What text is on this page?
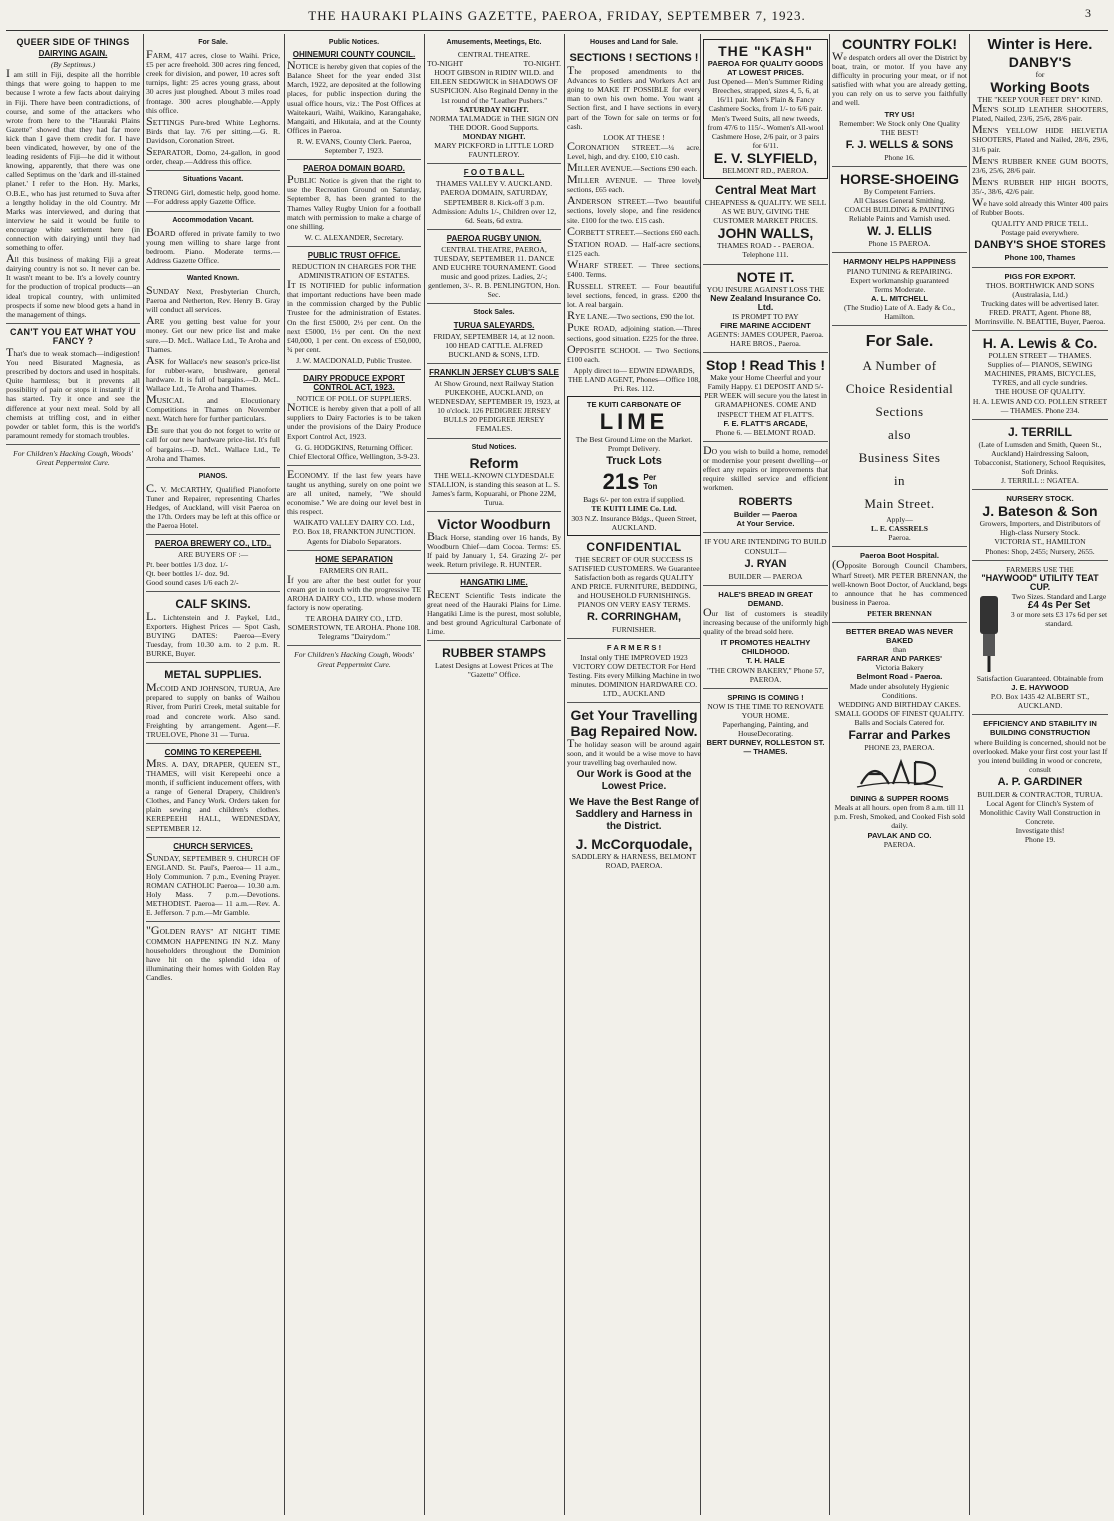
THE HAURAKI PLAINS GAZETTE, PAEROA, FRIDAY, SEPTEMBER 7, 1923.	3
QUEER SIDE OF THINGS
DAIRYING AGAIN.
(By Septimus.)
I am still in Fiji, despite all the horrible things that were going to happen to me because I wrote a few facts about dairying in Fiji. There have been contradictions, of course, and some of the attackers who wrote from here to the "Hauraki Plains Gazette" showed that they had far more kick than I gave them credit for. I have been vindicated, however, by one of the leading residents of Fiji—he did it without knowing, apparently, that there was one called Septimus on the 'dark and ill-stained planet.' I refer to the Hon. Hy. Marks, O.B.E., who has just returned to Suva after a lengthy holiday in the old Country. Mr Marks was interviewed, and during that interview he said it would be futile to encourage white settlement here (in connection with dairying) until they had something to offer.
All this business of making Fiji a great dairying country is not so. It never can be. It wasn't meant to be. It's a lovely country for the production of tropical products—an ideal tropical country, with unlimited prospects if some new blood gets a hand in the management of things.
CAN'T YOU EAT WHAT YOU FANCY ?
That's due to weak stomach—indigestion! You need Bisurated Magnesia, as prescribed by doctors and used in hospitals. Quite harmless; but it prevents all possibility of pain or stops it instantly if it has started. Try it once and see the difference at your next meal. Sold by all chemists at trifling cost, and in either powder or tablet form, this is the world's paramount remedy for stomach troubles.
For Children's Hacking Cough, Woods' Great Peppermint Cure.
For Sale.
FARM, 417 acres, close to Waihi. Price, £5 per acre freehold. 300 acres ring fenced, creek for division, and power, 10 acres soft turnips, light: 25 acres young grass, about 30 acres just ploughed. About 3 miles road frontage. 300 acres ploughable.—Apply this office.
SETTINGS Pure-bred White Leghorns. Birds that lay. 7/6 per sitting.—G. R. Davidson, Coronation Street.
SEPARATOR, Domo, 24-gallon, in good order, cheap.—Address this office.
Situations Vacant.
STRONG Girl, domestic help, good home.—For address apply Gazette Office.
Accommodation Vacant.
BOARD offered in private family to two young men willing to share large front bedroom. Piano. Moderate terms.—Address Gazette Office.
Wanted Known.
SUNDAY Next, Presbyterian Church, Paeroa and Netherton, Rev. Henry B. Gray will conduct all services.
ARE you getting best value for your money. Get our new price list and make sure.—D. McL. Wallace Ltd., Te Aroha and Thames.
ASK for Wallace's new season's price-list for rubber-ware, brushware, general hardware. It is full of bargains.—D. McL. Wallace Ltd., Te Aroha and Thames.
MUSICAL and Elocutionary Competitions in Thames on November next. Watch here for further particulars.
BE sure that you do not forget to write or call for our new hardware price-list. It's full of bargains.—D. McL. Wallace Ltd., Te Aroha and Thames.
PIANOS.
C. V. McCARTHY, Qualified Pianoforte Tuner and Repairer, representing Charles Hedges, of Auckland, will visit Paeroa on the 17th. Orders may be left at this office or the Paeroa Hotel.
PAEROA BREWERY CO., LTD.,
ARE BUYERS OF :—
Pt. beer bottles 1/3 doz. 1/-
Qt. beer bottles 1/- doz. 9d.
Good sound cases 1/6 each 2/-
CALF SKINS.
L. Lichtenstein and J. Paykel, Ltd., Exporters. Highest Prices — Spot Cash, BUYING DATES: Paeroa—Every Tuesday, from 10.30 a.m. to 2 p.m. R. BURKE, Buyer.
METAL SUPPLIES.
McCOID AND JOHNSON, TURUA, Are prepared to supply on banks of Waihou River, from Puriri Creek, metal suitable for road and concrete work. Also sand. Freighting by arrangement. Agent—F. TRUELOVE, Phone 31 — Turua.
COMING TO KEREPEEHI.
MRS. A. DAY, DRAPER, QUEEN ST., THAMES, will visit Kerepeehi once a month, if sufficient inducement offers, with a range of General Drapery, Children's Clothes, and Fancy Work. Orders taken for plain sewing and children's clothes. KEREPEEHI HALL, WEDNESDAY, SEPTEMBER 12.
CHURCH SERVICES.
SUNDAY, SEPTEMBER 9. CHURCH OF ENGLAND. St. Paul's, Paeroa— 11 a.m., Holy Communion. 7 p.m., Evening Prayer. ROMAN CATHOLIC Paeroa— 10.30 a.m. Holy Mass. 7 p.m.—Devotions. METHODIST. Paeroa— 11 a.m.—Rev. A. E. Jefferson. 7 p.m.—Mr Gamble.
"GOLDEN RAYS" AT NIGHT TIME COMMON HAPPENING IN N.Z. Many householders throughout the Dominion have hit on the splendid idea of illuminating their homes with Golden Ray Candles.
Public Notices.
OHINEMURI COUNTY COUNCIL.
NOTICE is hereby given that copies of the Balance Sheet for the year ended 31st March, 1922, are deposited at the following places, for public inspection during the usual office hours, viz.: The Post Offices at Waitekauri, Waihi, Waikino, Karangahake, Mangaiti, and Hikutaia, and at the County Offices in Paeroa.
R. W. EVANS, County Clerk. Paeroa, September 7, 1923.
PAEROA DOMAIN BOARD.
PUBLIC Notice is given that the right to use the Recreation Ground on Saturday, September 8, has been granted to the Thames Valley Rugby Union for a football match with permission to make a charge of one shilling.
W. C. ALEXANDER, Secretary.
PUBLIC TRUST OFFICE.
REDUCTION IN CHARGES FOR THE ADMINISTRATION OF ESTATES.
IT IS NOTIFIED for public information that important reductions have been made in the commission charged by the Public Trustee for the administration of Estates. On the first £5000, 2½ per cent. On the next £5000, 1½ per cent. On the next £40,000, 1 per cent. On excess of £50,000, ¾ per cent.
J. W. MACDONALD, Public Trustee.
DAIRY PRODUCE EXPORT CONTROL ACT, 1923.
NOTICE OF POLL OF SUPPLIERS.
NOTICE is hereby given that a poll of all suppliers to Dairy Factories is to be taken under the provisions of the Dairy Produce Export Control Act, 1923.
G. G. HODGKINS, Returning Officer. Chief Electoral Office, Wellington, 3-9-23.
ECONOMY. If the last few years have taught us anything, surely on one point we are all united, namely, "We should economise." We are doing our level best in this respect.
WAIKATO VALLEY DAIRY CO. Ltd., P.O. Box 18, FRANKTON JUNCTION. Agents for Diabolo Separators.
HOME SEPARATION
FARMERS ON RAIL.
If you are after the best outlet for your cream get in touch with the progressive TE AROHA DAIRY CO., LTD. whose modern factory is now operating.
TE AROHA DAIRY CO., LTD. SOMERSTOWN, TE AROHA. Phone 108. Telegrams "Dairydom."
For Children's Hacking Cough, Woods' Great Peppermint Cure.
Amusements, Meetings, Etc.
CENTRAL THEATRE.
TO-NIGHT	TO-NIGHT.
HOOT GIBSON in RIDIN' WILD. and EILEEN SEDGWICK in SHADOWS OF SUSPICION. Also Reginald Denny in the 1st round of the "Leather Pushers."
SATURDAY NIGHT.
NORMA TALMADGE in THE SIGN ON THE DOOR. Good Supports.
MONDAY NIGHT.
MARY PICKFORD in LITTLE LORD FAUNTLEROY.
F O O T B A L L.
THAMES VALLEY V. AUCKLAND. PAEROA DOMAIN, SATURDAY, SEPTEMBER 8. Kick-off 3 p.m. Admission: Adults 1/-, Children over 12, 6d. Seats, 6d extra.
PAEROA RUGBY UNION.
CENTRAL THEATRE, PAEROA, TUESDAY, SEPTEMBER 11. DANCE AND EUCHRE TOURNAMENT. Good music and good prizes. Ladies, 2/-; gentlemen, 3/-. R. B. PENLINGTON, Hon. Sec.
Stock Sales.
TURUA SALEYARDS.
FRIDAY, SEPTEMBER 14, at 12 noon. 100 HEAD CATTLE. ALFRED BUCKLAND & SONS, LTD.
FRANKLIN JERSEY CLUB'S SALE
At Show Ground, next Railway Station PUKEKOHE, AUCKLAND, on WEDNESDAY, SEPTEMBER 19, 1923, at 10 o'clock. 126 PEDIGREE JERSEY BULLS 20 PEDIGREE JERSEY FEMALES.
Stud Notices.
Reform
THE WELL-KNOWN CLYDESDALE STALLION, is standing this season at L. S. James's farm, Kopuarahi, or Phone 22M, Turua.
Victor Woodburn
Black Horse, standing over 16 hands, By Woodburn Chief—dam Cocoa. Terms: £5. If paid by January 1, £4. Grazing 2/- per week. Return privilege. R. HUNTER.
HANGATIKI LIME.
RECENT Scientific Tests indicate the great need of the Hauraki Plains for Lime. Hangatiki Lime is the purest, most soluble, and best ground Agricultural Carbonate of Lime.
RUBBER STAMPS
Latest Designs at Lowest Prices at The "Gazette" Office.
Houses and Land for Sale.
SECTIONS ! SECTIONS !
The proposed amendments to the Advances to Settlers and Workers Act are going to MAKE IT POSSIBLE for every man to own his own home. You want a Section first, and I have sections in every part of the Town for sale on terms or for cash.
LOOK AT THESE !
CORONATION STREET.—¼ acre. Level, high, and dry. £100, £10 cash.
MILLER AVENUE.—Sections £90 each.
MILLER AVENUE. — Three lovely sections, £65 each.
ANDERSON STREET.—Two beautiful sections, lovely slope, and fine residence site. £100 for the two. £15 cash.
CORBETT STREET.—Sections £60 each.
STATION ROAD. — Half-acre sections, £125 each.
WHARF STREET. — Three sections, £400. Terms.
RUSSELL STREET. — Four beautiful level sections, fenced, in grass. £200 the lot. A real bargain.
RYE LANE.—Two sections, £90 the lot.
PUKE ROAD, adjoining station.—Three sections, good situation. £225 for the three.
OPPOSITE SCHOOL — Two Sections, £100 each.
Apply direct to— EDWIN EDWARDS, THE LAND AGENT, Phones—Office 108, Pri. Res. 112.
TE KUITI CARBONATE OF
LIME
The Best Ground Lime on the Market. Prompt Delivery.
Truck Lots
21s Per Ton
Bags 6/- per ton extra if supplied.
TE KUITI LIME Co. Ltd.
303 N.Z. Insurance Bldgs., Queen Street, AUCKLAND.
CONFIDENTIAL
THE SECRET OF OUR SUCCESS IS SATISFIED CUSTOMERS. We Guarantee Satisfaction both as regards QUALITY AND PRICE. FURNITURE, BEDDING, and HOUSEHOLD FURNISHINGS. PIANOS ON VERY EASY TERMS.
R. CORRINGHAM,
FURNISHER.
F A R M E R S !
Instal only THE IMPROVED 1923 VICTORY COW DETECTOR For Herd Testing. Fits every Milking Machine in two minutes. DOMINION HARDWARE CO. LTD., AUCKLAND
Get Your Travelling Bag Repaired Now.
The holiday season will be around again soon, and it would be a wise move to have your travelling bag overhauled now.
Our Work is Good at the Lowest Price.
We Have the Best Range of Saddlery and Harness in the District.
J. McCorquodale,
SADDLERY & HARNESS, BELMONT ROAD, PAEROA.
THE "KASH"
PAEROA FOR QUALITY GOODS AT LOWEST PRICES.
Just Opened— Men's Summer Riding Breeches, strapped, sizes 4, 5, 6, at 16/11 pair. Men's Plain & Fancy Cashmere Socks, from 1/- to 6/6 pair. Men's Tweed Suits, all new tweeds, from 47/6 to 115/-. Women's All-wool Cashmere Hose, 2/6 pair, or 3 pairs for 6/11.
E. V. SLYFIELD,
BELMONT RD., PAEROA.
Central Meat Mart
CHEAPNESS & QUALITY. WE SELL AS WE BUY, GIVING THE CUSTOMER MARKET PRICES.
JOHN WALLS,
THAMES ROAD - - PAEROA. Telephone 111.
NOTE IT.
YOU INSURE AGAINST LOSS THE
New Zealand Insurance Co. Ltd.
IS PROMPT TO PAY
FIRE MARINE ACCIDENT
AGENTS: JAMES COUPER, Paeroa. HARE BROS., Paeroa.
Stop ! Read This !
Make your Home Cheerful and your Family Happy. £1 DEPOSIT AND 5/- PER WEEK will secure you the latest in GRAMAPHONES. COME AND INSPECT THEM AT FLATT'S.
F. E. FLATT'S ARCADE,
Phone 6. — BELMONT ROAD.
DO you wish to build a home, remodel or modernise your present dwelling—or effect any repairs or improvements that require skilled service and efficient workmen.
ROBERTS
Builder — Paeroa
At Your Service.
IF YOU ARE INTENDING TO BUILD CONSULT—
J. RYAN
BUILDER — PAEROA
HALE'S BREAD IN GREAT DEMAND.
Our list of customers is steadily increasing because of the uniformly high quality of the bread sold here.
IT PROMOTES HEALTHY CHILDHOOD.
T. H. HALE
"THE CROWN BAKERY," Phone 57, PAEROA.
SPRING IS COMING !
NOW IS THE TIME TO RENOVATE YOUR HOME.
Paperhanging, Painting, and HouseDecorating.
BERT DURNEY, ROLLESTON ST. — THAMES.
COUNTRY FOLK!
We despatch orders all over the District by boat, train, or motor. If you have any difficulty in procuring your meat, or if not satisfied with what you are already getting, you can rely on us to serve you faithfully and well.
TRY US!
Remember: We Stock only One Quality THE BEST!
F. J. WELLS & SONS
Phone 16.
HORSE-SHOEING
By Competent Farriers.
All Classes General Smithing.
COACH BUILDING & PAINTING
Reliable Paints and Varnish used.
W. J. ELLIS
Phone 15 PAEROA.
HARMONY HELPS HAPPINESS
PIANO TUNING & REPAIRING.
Expert workmanship guaranteed
Terms Moderate.
A. L. MITCHELL
(The Studio) Late of A. Eady & Co., Hamilton.
For Sale.
A Number of
Choice Residential
Sections
also
Business Sites
in
Main Street.
Apply—
L. E. CASSRELS
Paeroa.
Paeroa Boot Hospital.
(Opposite Borough Council Chambers, Wharf Street). MR PETER BRENNAN, the well-known Boot Doctor, of Auckland, begs to announce that he has commenced business in Paeroa.
PETER BRENNAN
BETTER BREAD WAS NEVER BAKED
than
FARRAR AND PARKES'
Victoria Bakery
Belmont Road - Paeroa.
Made under absolutely Hygienic Conditions.
WEDDING AND BIRTHDAY CAKES.
SMALL GOODS OF FINEST QUALITY.
Balls and Socials Catered for.
Farrar and Parkes
PHONE 23, PAEROA.
DINING & SUPPER ROOMS
Meals at all hours. open from 8 a.m. till 11 p.m. Fresh, Smoked, and Cooked Fish sold daily.
PAVLAK AND CO.
PAEROA.
Winter is Here.
DANBY'S
for
Working Boots
THE "KEEP YOUR FEET DRY" KIND.
MEN'S SOLID LEATHER SHOOTERS, Plated, Nailed, 23/6, 25/6, 28/6 pair.
MEN'S YELLOW HIDE HELVETIA SHOOTERS, Plated and Nailed, 28/6, 29/6, 31/6 pair.
MEN'S RUBBER KNEE GUM BOOTS, 23/6, 25/6, 28/6 pair.
MEN'S RUBBER HIP HIGH BOOTS, 35/-, 38/6, 42/6 pair.
We have sold already this Winter 400 pairs of Rubber Boots.
QUALITY AND PRICE TELL.
Postage paid everywhere.
DANBY'S SHOE STORES
Phone 100, Thames
PIGS FOR EXPORT.
THOS. BORTHWICK AND SONS (Australasia, Ltd.)
Trucking dates will be advertised later.
FRED. PRATT, Agent. Phone 88, Morrinsville. N. BEATTIE, Buyer, Paeroa.
H. A. Lewis & Co.
POLLEN STREET — THAMES.
Supplies of— PIANOS, SEWING MACHINES, PRAMS, BICYCLES, TYRES, and all cycle sundries.
THE HOUSE OF QUALITY.
H. A. LEWIS AND CO. POLLEN STREET — THAMES. Phone 234.
J. TERRILL
(Late of Lumsden and Smith, Queen St., Auckland) Hairdressing Saloon, Tobacconist, Stationery, School Requisites, Soft Drinks.
J. TERRILL :: NGATEA.
NURSERY STOCK.
J. Bateson & Son
Growers, Importers, and Distributors of High-class Nursery Stock.
VICTORIA ST., HAMILTON
Phones: Shop, 2455; Nursery, 2655.
FARMERS USE THE
"HAYWOOD" UTILITY TEAT CUP.
Two Sizes. Standard and Large
£4 4s Per Set
3 or more sets £3 17s 6d per set standard.
Satisfaction Guaranteed. Obtainable from
J. E. HAYWOOD
P.O. Box 1435 42 ALBERT ST., AUCKLAND.
EFFICIENCY AND STABILITY IN BUILDING CONSTRUCTION
where Building is concerned, should not be overlooked. Make your first cost your last If you intend building in wood or concrete, consult
A. P. GARDINER
BUILDER & CONTRACTOR, TURUA.
Local Agent for Clinch's System of Monolithic Cavity Wall Construction in Concrete.
Investigate this!
Phone 19.
